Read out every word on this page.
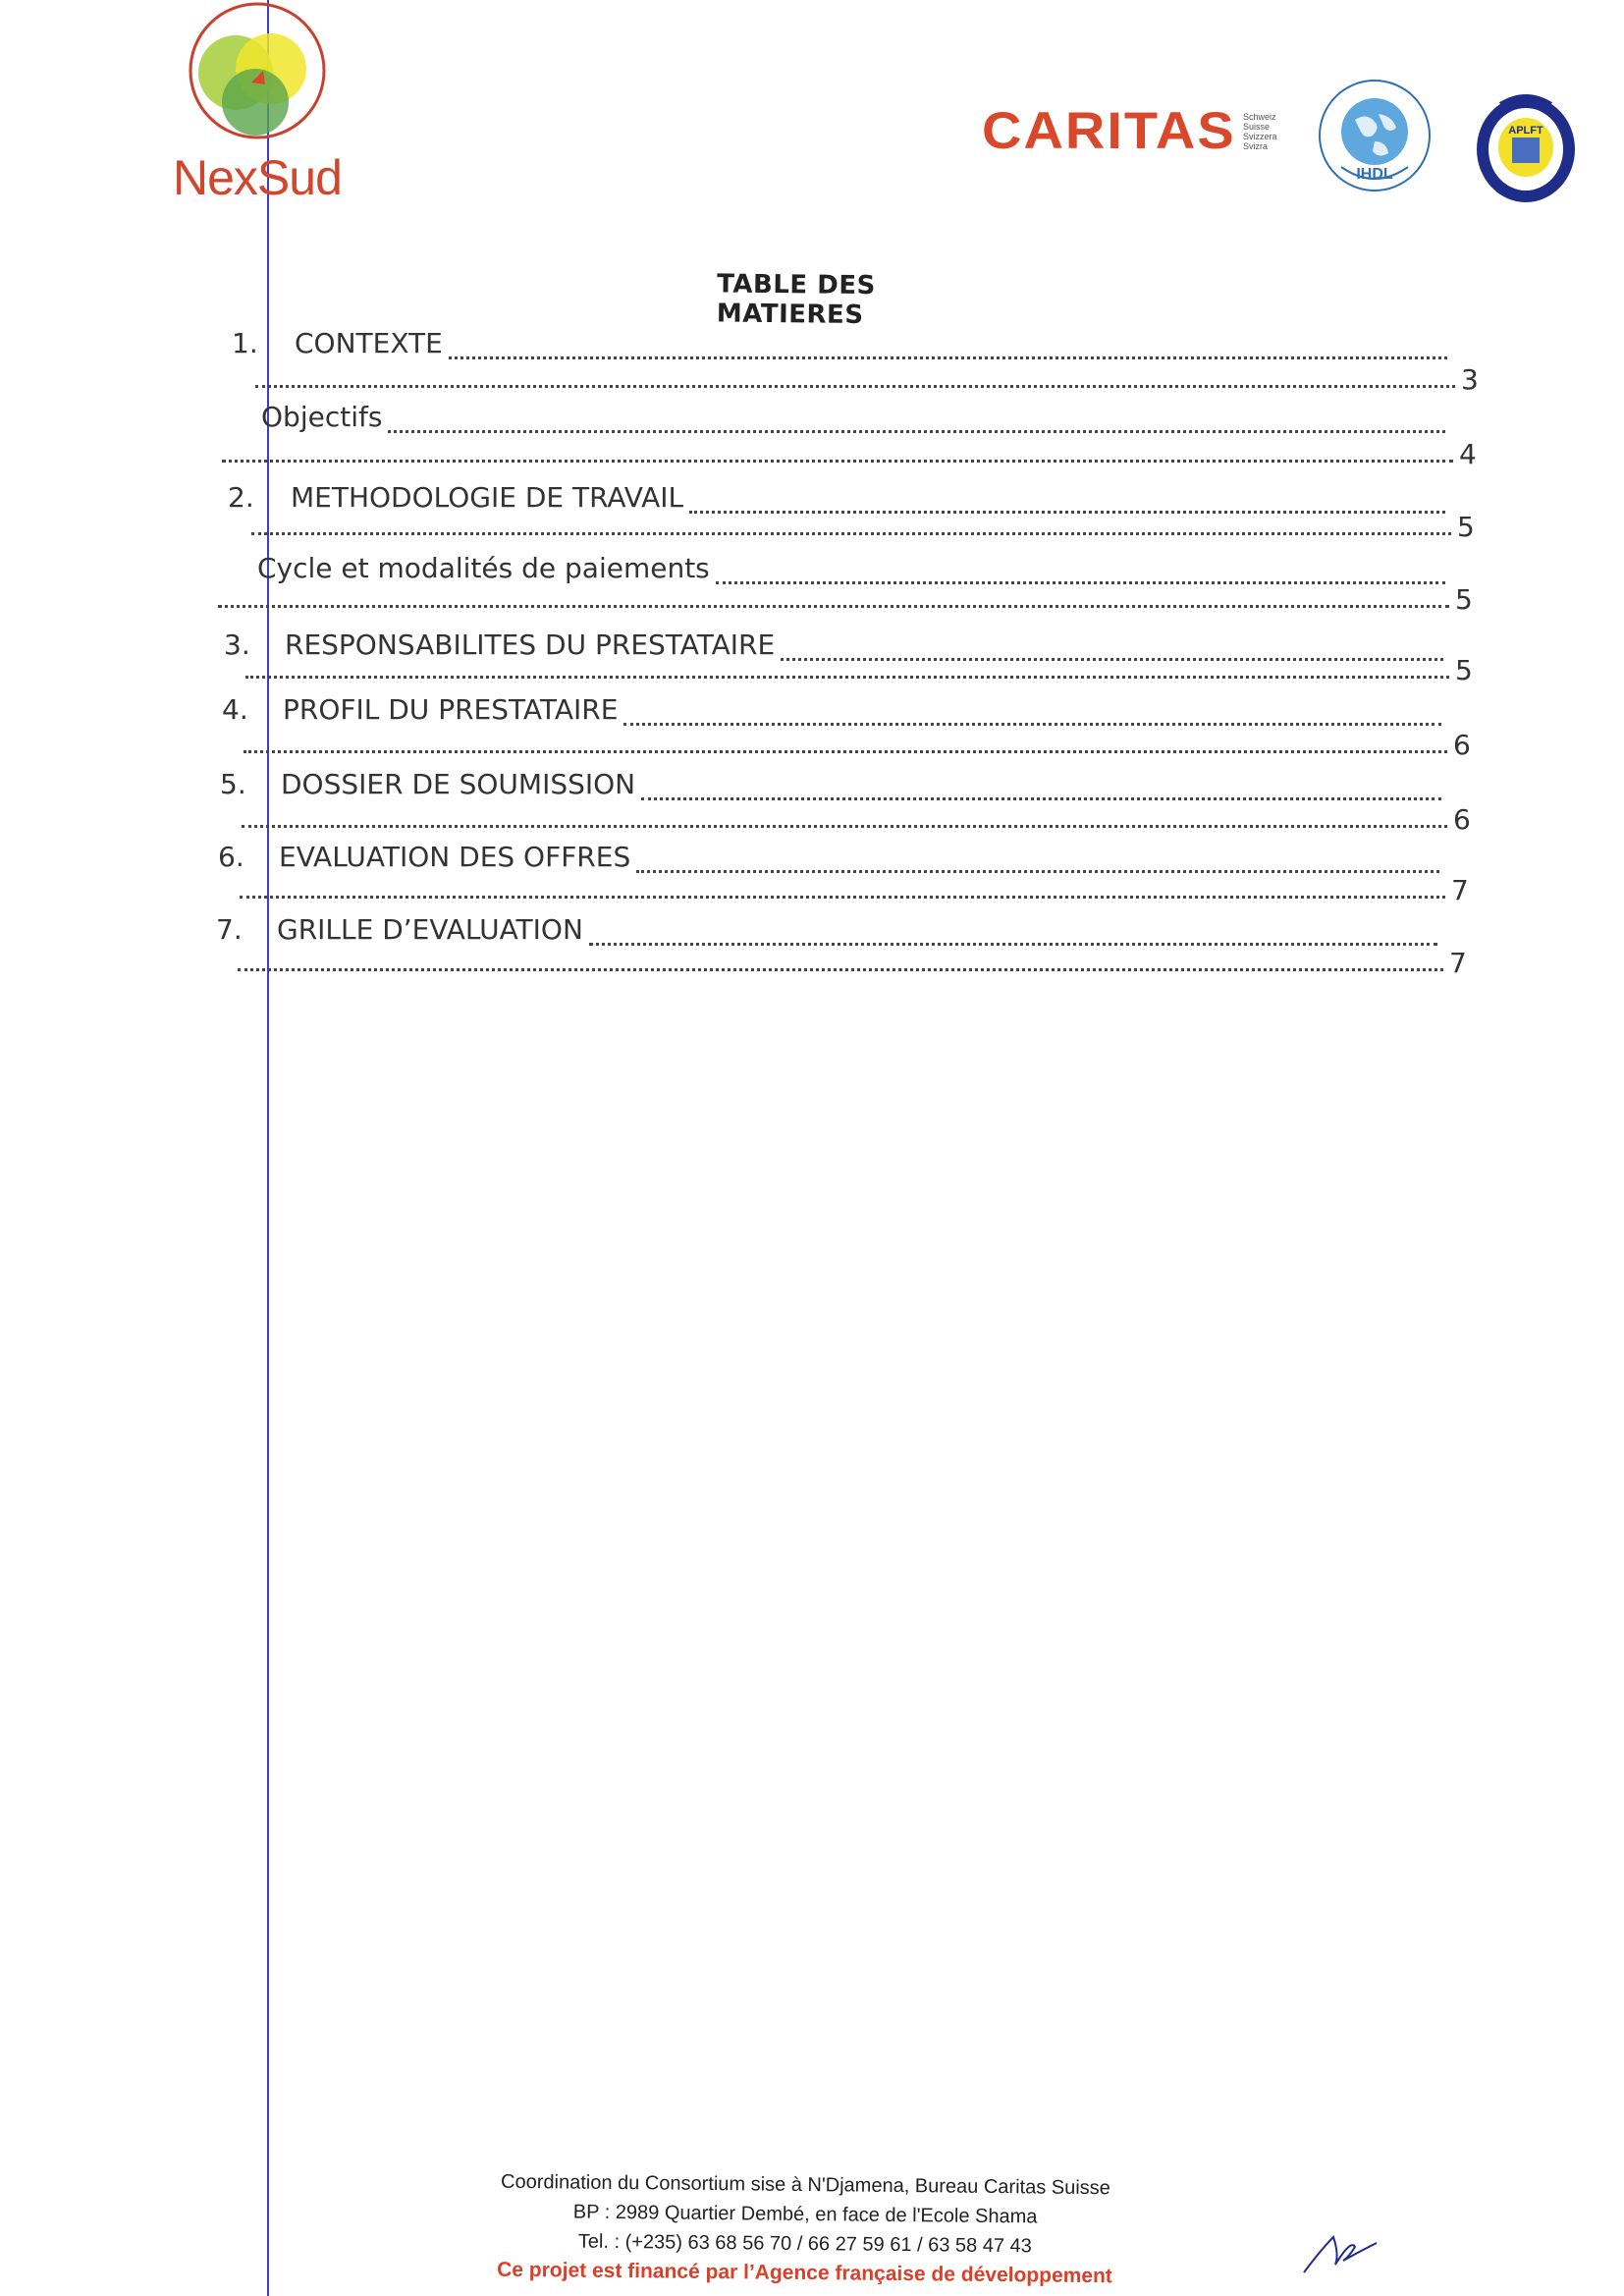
NexSud
CARITAS Schweiz
Suisse
Svizzera
Svizra
IHDL
APLFT
TABLE DES MATIERES
1. CONTEXTE
3
Objectifs
4
2. METHODOLOGIE DE TRAVAIL
5
Cycle et modalités de paiements
5
3. RESPONSABILITES DU PRESTATAIRE
5
4. PROFIL DU PRESTATAIRE
6
5. DOSSIER DE SOUMISSION
6
6. EVALUATION DES OFFRES
7
7. GRILLE D’EVALUATION
7
Coordination du Consortium sise à N'Djamena, Bureau Caritas Suisse
BP : 2989 Quartier Dembé, en face de l'Ecole Shama
Tel. : (+235) 63 68 56 70 / 66 27 59 61 / 63 58 47 43
Ce projet est financé par l’Agence française de développement
